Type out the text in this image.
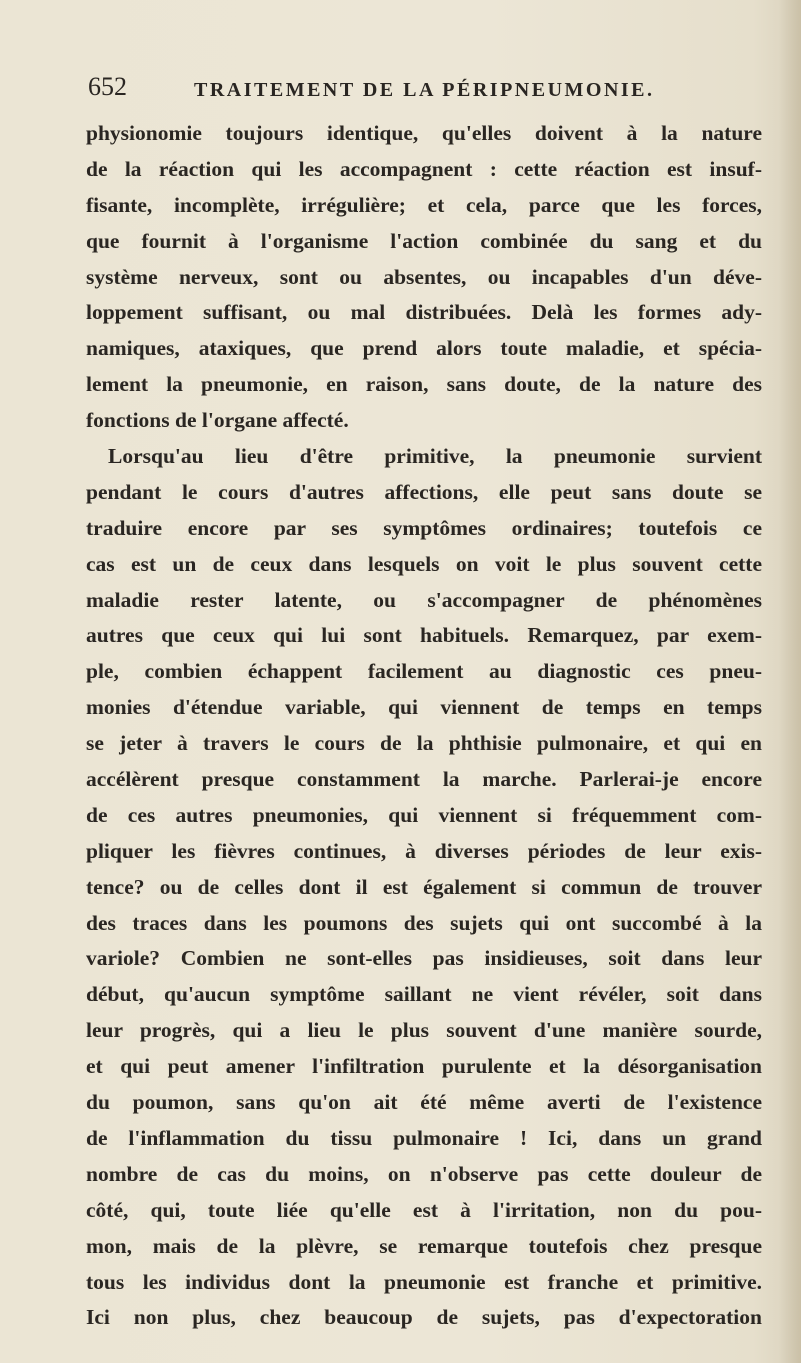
652	TRAITEMENT DE LA PÉRIPNEUMONIE.
physionomie toujours identique, qu'elles doivent à la nature
de la réaction qui les accompagnent : cette réaction est insuf-
fisante, incomplète, irrégulière; et cela, parce que les forces,
que fournit à l'organisme l'action combinée du sang et du
système nerveux, sont ou absentes, ou incapables d'un déve-
loppement suffisant, ou mal distribuées. Delà les formes ady-
namiques, ataxiques, que prend alors toute maladie, et spécia-
lement la pneumonie, en raison, sans doute, de la nature des
fonctions de l'organe affecté.
Lorsqu'au lieu d'être primitive, la pneumonie survient
pendant le cours d'autres affections, elle peut sans doute se
traduire encore par ses symptômes ordinaires; toutefois ce
cas est un de ceux dans lesquels on voit le plus souvent cette
maladie rester latente, ou s'accompagner de phénomènes
autres que ceux qui lui sont habituels. Remarquez, par exem-
ple, combien échappent facilement au diagnostic ces pneu-
monies d'étendue variable, qui viennent de temps en temps
se jeter à travers le cours de la phthisie pulmonaire, et qui en
accélèrent presque constamment la marche. Parlerai-je encore
de ces autres pneumonies, qui viennent si fréquemment com-
pliquer les fièvres continues, à diverses périodes de leur exis-
tence? ou de celles dont il est également si commun de trouver
des traces dans les poumons des sujets qui ont succombé à la
variole? Combien ne sont-elles pas insidieuses, soit dans leur
début, qu'aucun symptôme saillant ne vient révéler, soit dans
leur progrès, qui a lieu le plus souvent d'une manière sourde,
et qui peut amener l'infiltration purulente et la désorganisation
du poumon, sans qu'on ait été même averti de l'existence
de l'inflammation du tissu pulmonaire ! Ici, dans un grand
nombre de cas du moins, on n'observe pas cette douleur de
côté, qui, toute liée qu'elle est à l'irritation, non du pou-
mon, mais de la plèvre, se remarque toutefois chez presque
tous les individus dont la pneumonie est franche et primitive.
Ici non plus, chez beaucoup de sujets, pas d'expectoration
